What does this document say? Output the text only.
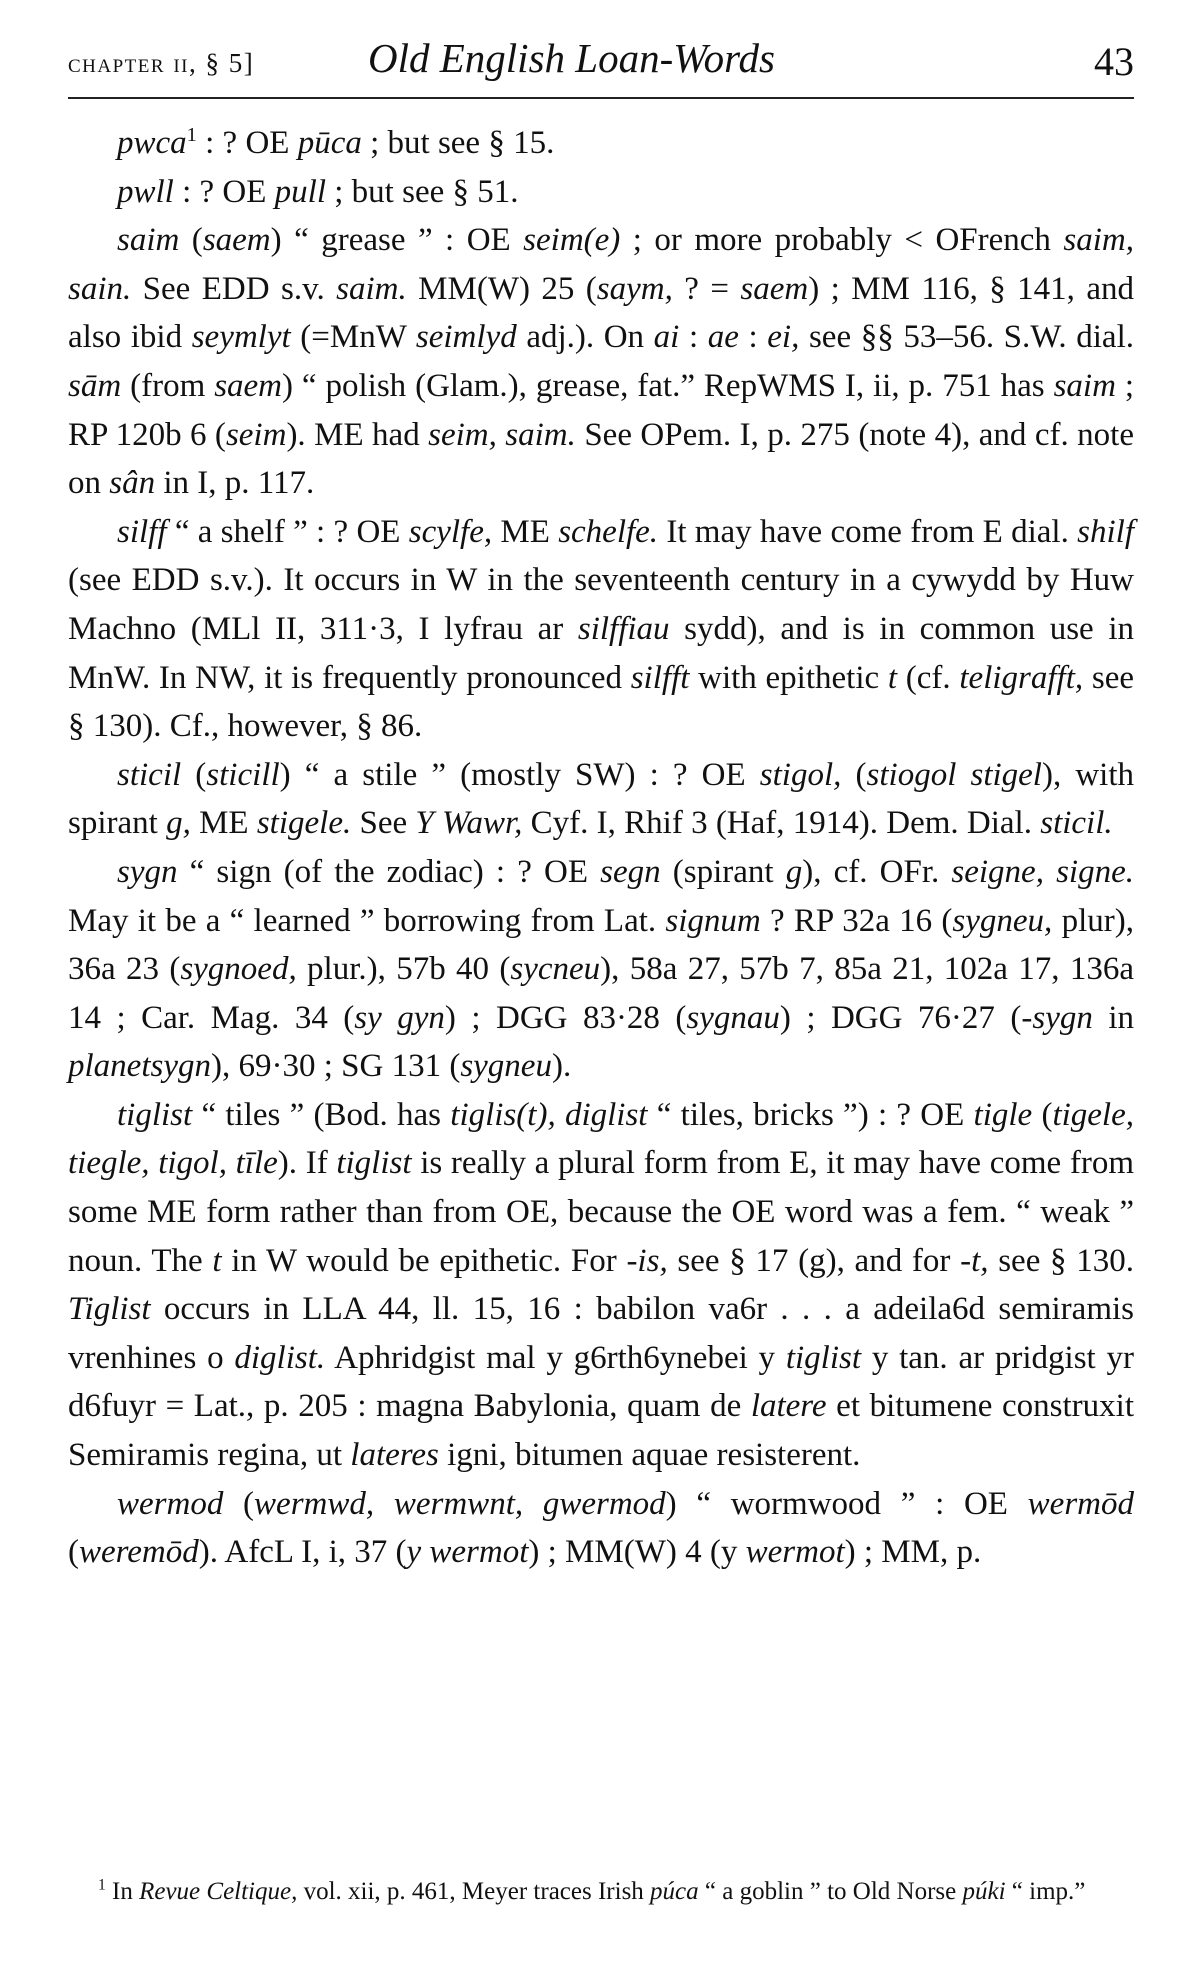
chapter ii, § 5]	Old English Loan-Words	43

pwca$^1$ : ? OE pūca ; but see § 15.

pwll : ? OE pull ; but see § 51.

saim (saem) “ grease ” : OE seim(e) ; or more probably < OFrench saim, sain. See EDD s.v. saim. MM(W) 25 (saym, ? = saem) ; MM 116, § 141, and also ibid seymlyt (=MnW seimlyd adj.). On ai : ae : ei, see §§ 53–56. S.W. dial. sām (from saem) “ polish (Glam.), grease, fat.” RepWMS I, ii, p. 751 has saim ; RP 120b 6 (seim). ME had seim, saim. See OPem. I, p. 275 (note 4), and cf. note on sân in I, p. 117.

silff “ a shelf ” : ? OE scylfe, ME schelfe. It may have come from E dial. shilf (see EDD s.v.). It occurs in W in the seventeenth century in a cywydd by Huw Machno (MLl II, 311·3, I lyfrau ar silffiau sydd), and is in common use in MnW. In NW, it is frequently pronounced silfft with epithetic t (cf. teligrafft, see § 130). Cf., however, § 86.

sticil (sticill) “ a stile ” (mostly SW) : ? OE stigol, (stiogol stigel), with spirant g, ME stigele. See Y Wawr, Cyf. I, Rhif 3 (Haf, 1914). Dem. Dial. sticil.

sygn “ sign (of the zodiac) : ? OE segn (spirant g), cf. OFr. seigne, signe. May it be a “ learned ” borrowing from Lat. signum ? RP 32a 16 (sygneu, plur), 36a 23 (sygnoed, plur.), 57b 40 (sycneu), 58a 27, 57b 7, 85a 21, 102a 17, 136a 14 ; Car. Mag. 34 (sy gyn) ; DGG 83·28 (sygnau) ; DGG 76·27 (-sygn in planetsygn), 69·30 ; SG 131 (sygneu).

tiglist “ tiles ” (Bod. has tiglis(t), diglist “ tiles, bricks ”) : ? OE tigle (tigele, tiegle, tigol, tīle). If tiglist is really a plural form from E, it may have come from some ME form rather than from OE, because the OE word was a fem. “ weak ” noun. The t in W would be epithetic. For -is, see § 17 (g), and for -t, see § 130. Tiglist occurs in LLA 44, ll. 15, 16 : babilon va6r . . . a adeila6d semiramis vrenhines o diglist. Aphridgist mal y g6rth6ynebei y tiglist y tan. ar pridgist yr d6fuyr = Lat., p. 205 : magna Babylonia, quam de latere et bitumene construxit Semiramis regina, ut lateres igni, bitumen aquae resisterent.

wermod (wermwd, wermwnt, gwermod) “ wormwood ” : OE wermōd (weremōd). AfcL I, i, 37 (y wermot) ; MM(W) 4 (y wermot) ; MM, p.

$^1$ In Revue Celtique, vol. xii, p. 461, Meyer traces Irish púca “ a goblin ” to Old Norse púki “ imp.”
